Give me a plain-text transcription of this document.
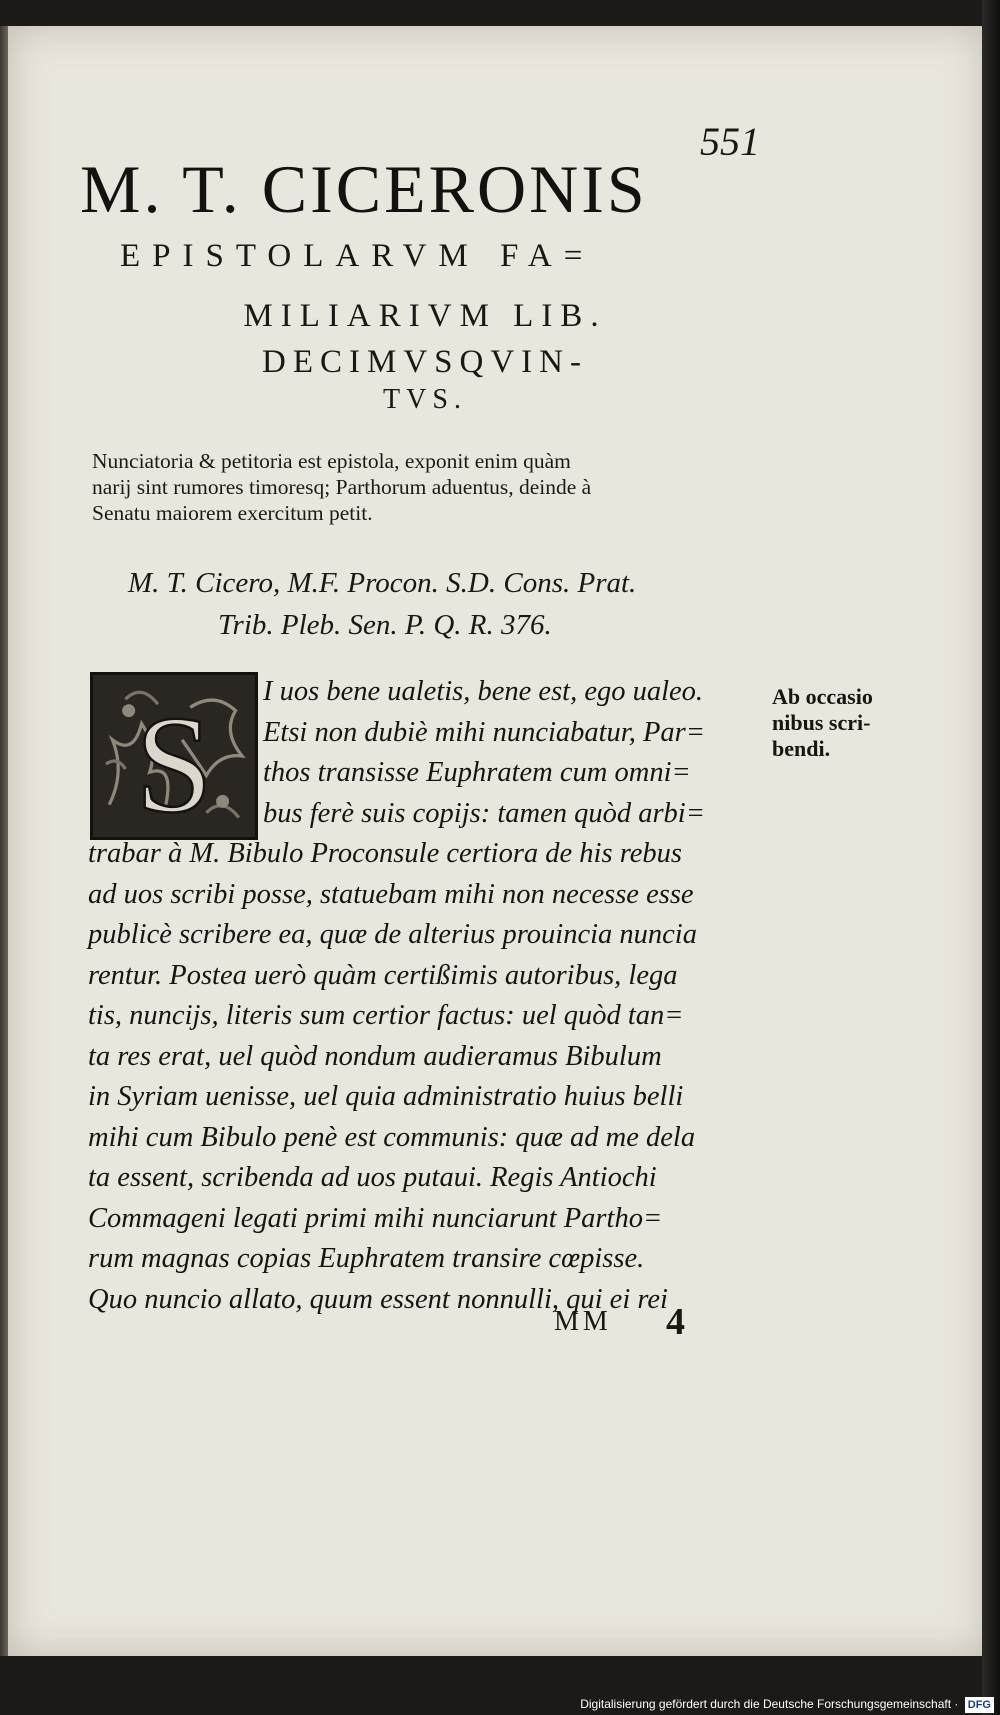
551
M. T. CICERONIS
EPISTOLARVM FA=
MILIARIVM LIB.
DECIMVSQVIN-
TVS.
Nunciatoria & petitoria est epistola, exponit enim quàm
narij sint rumores timoresq; Parthorum aduentus, deinde à
Senatu maiorem exercitum petit.
M. T. Cicero, M.F. Procon. S.D. Cons. Prat.
Trib. Pleb. Sen. P. Q. R. 376.
S	I uos bene ualetis, bene est, ego ualeo.
Etsi non dubiè mihi nunciabatur, Par=
thos transisse Euphratem cum omni=
bus ferè suis copijs: tamen quòd arbi=
trabar à M. Bibulo Proconsule certiora de his rebus
ad uos scribi posse, statuebam mihi non necesse esse
publicè scribere ea, quæ de alterius prouincia nuncia
rentur. Postea uerò quàm certißimis autoribus, lega
tis, nuncijs, literis sum certior factus: uel quòd tan=
ta res erat, uel quòd nondum audieramus Bibulum
in Syriam uenisse, uel quia administratio huius belli
mihi cum Bibulo penè est communis: quæ ad me dela
ta essent, scribenda ad uos putaui. Regis Antiochi
Commageni legati primi mihi nunciarunt Partho=
rum magnas copias Euphratem transire cœpisse.
Quo nuncio allato, quum essent nonnulli, qui ei rei
Ab occasio
nibus scri-
bendi.
MM 4
Digitalisierung gefördert durch die Deutsche Forschungsgemeinschaft · DFG
